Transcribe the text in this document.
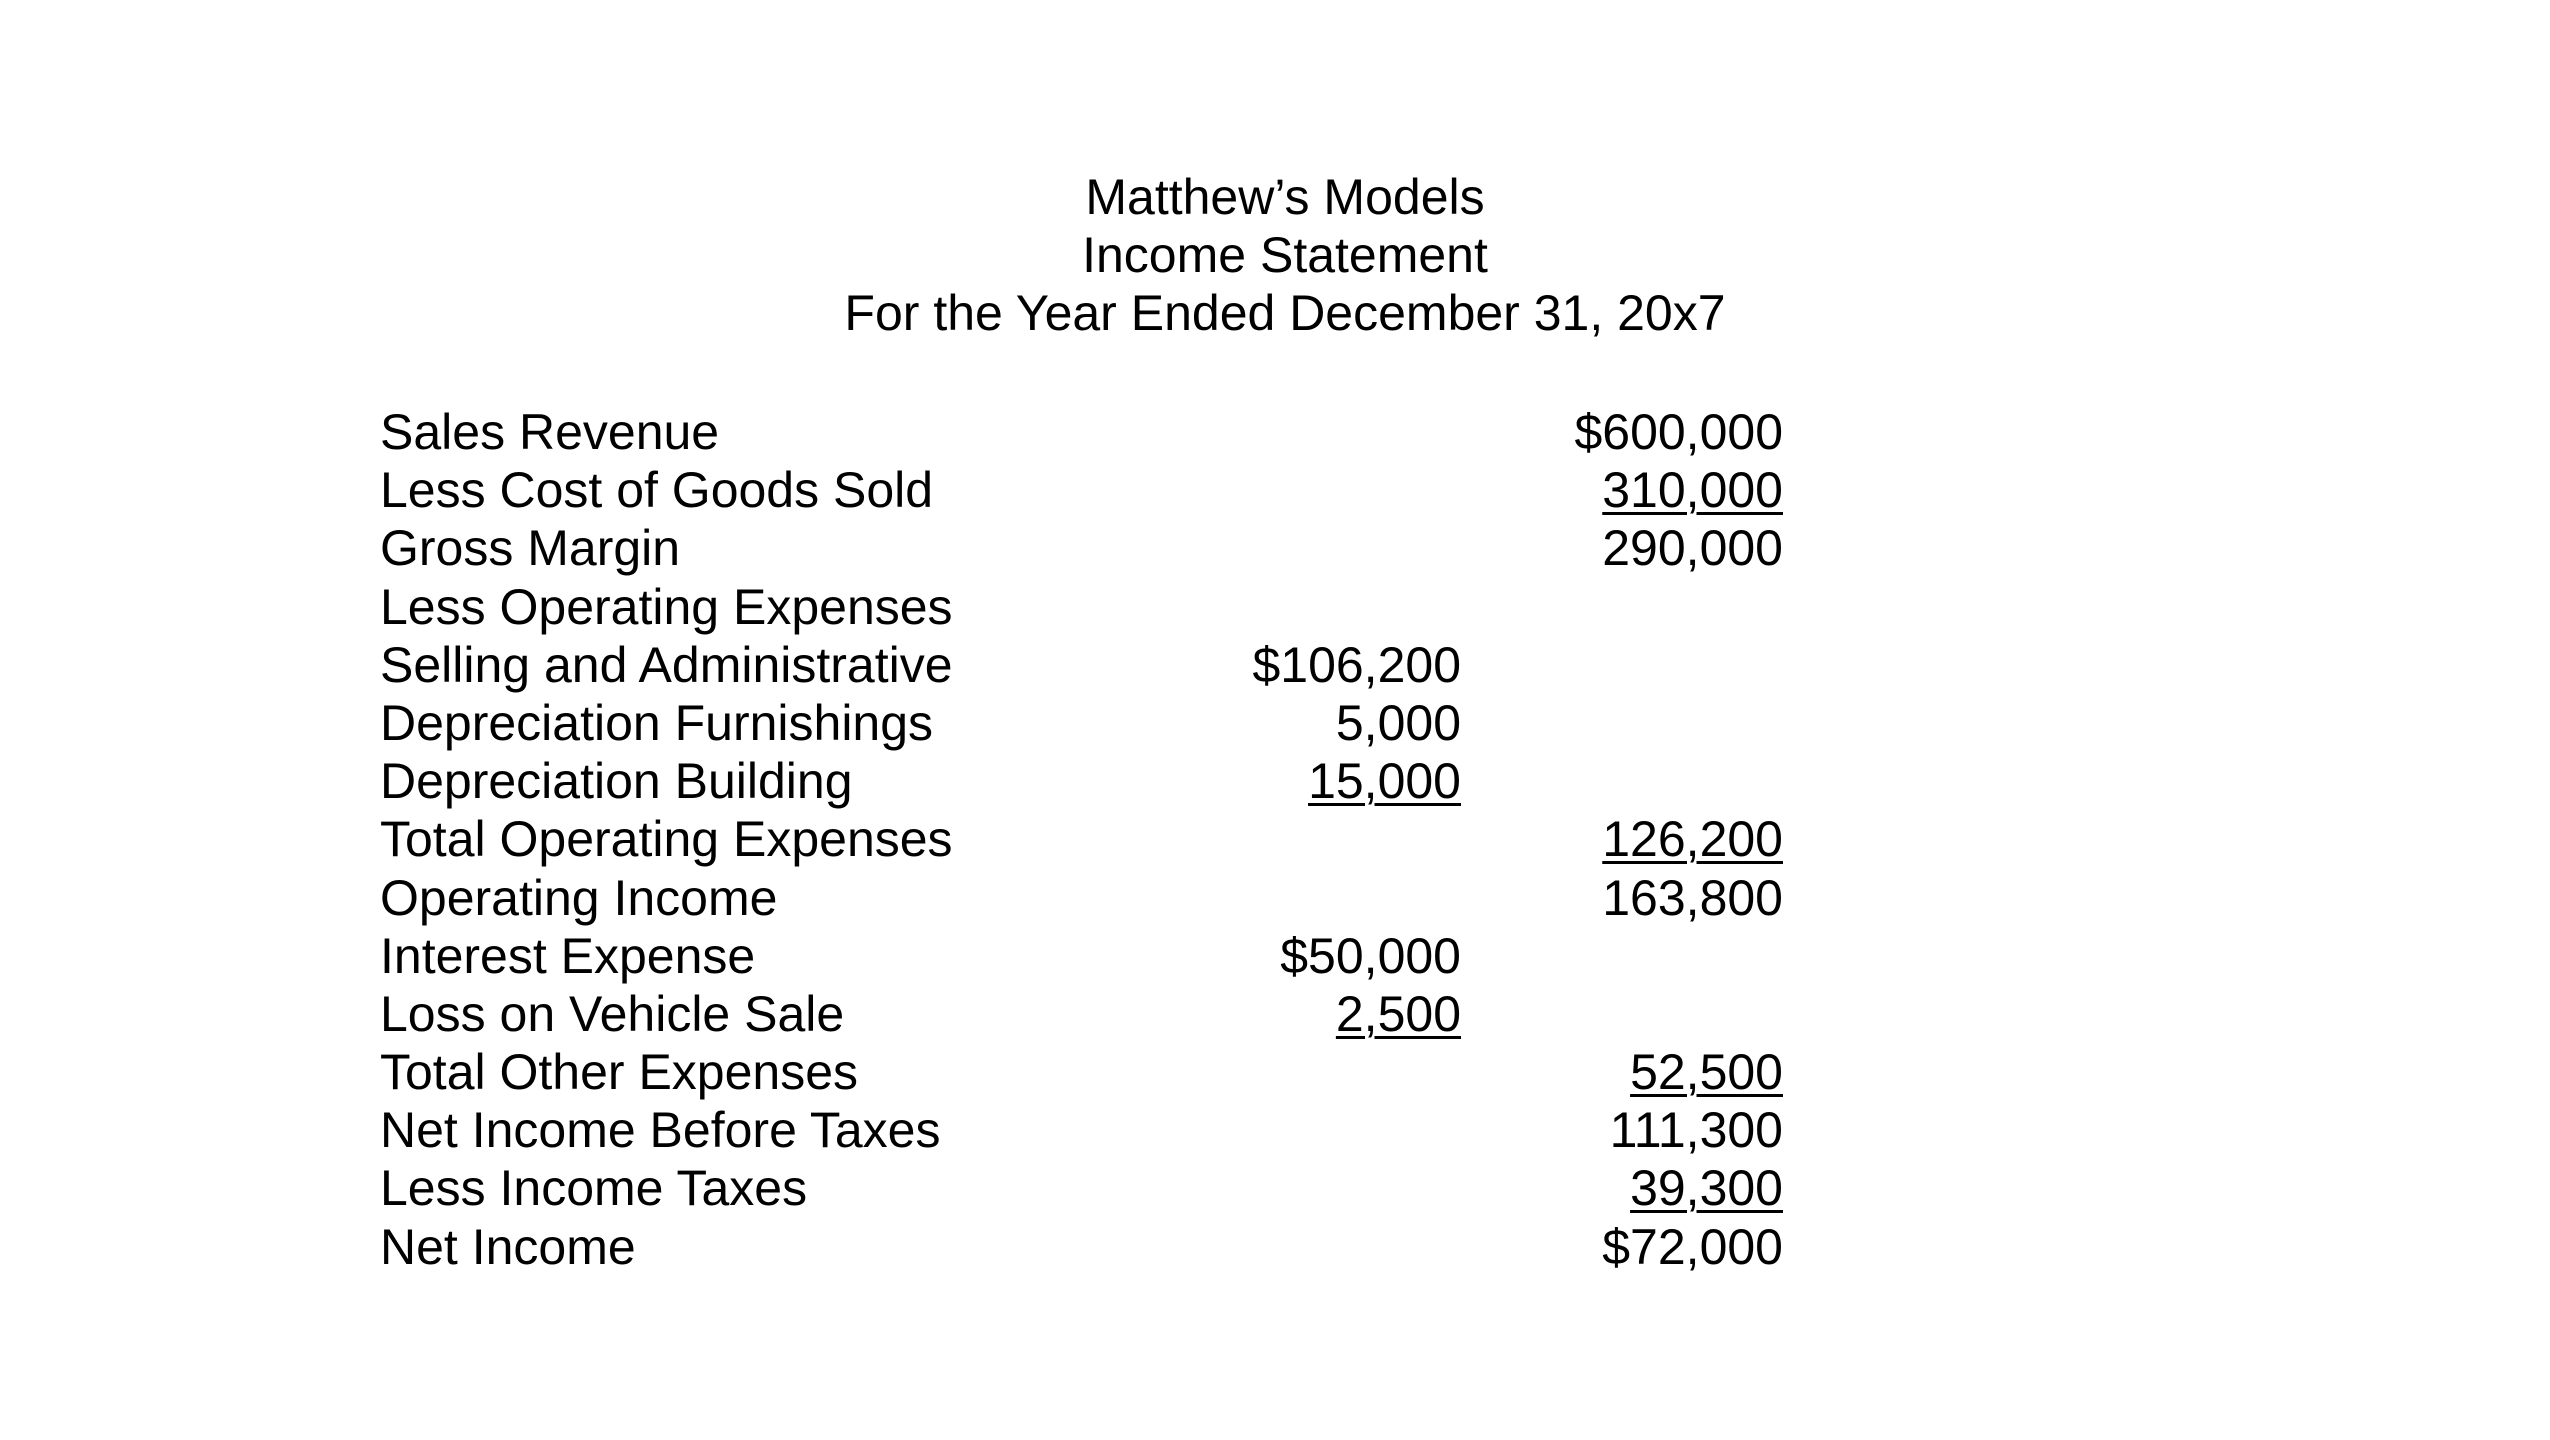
Matthew’s Models
Income Statement
For the Year Ended December 31, 20x7
Sales Revenue	$600,000
Less Cost of Goods Sold	310,000
Gross Margin	290,000
Less Operating Expenses
Selling and Administrative	$106,200
Depreciation Furnishings	5,000
Depreciation Building	15,000
Total Operating Expenses	126,200
Operating Income	163,800
Interest Expense	$50,000
Loss on Vehicle Sale	2,500
Total Other Expenses	52,500
Net Income Before Taxes	111,300
Less Income Taxes	39,300
Net Income	$72,000
